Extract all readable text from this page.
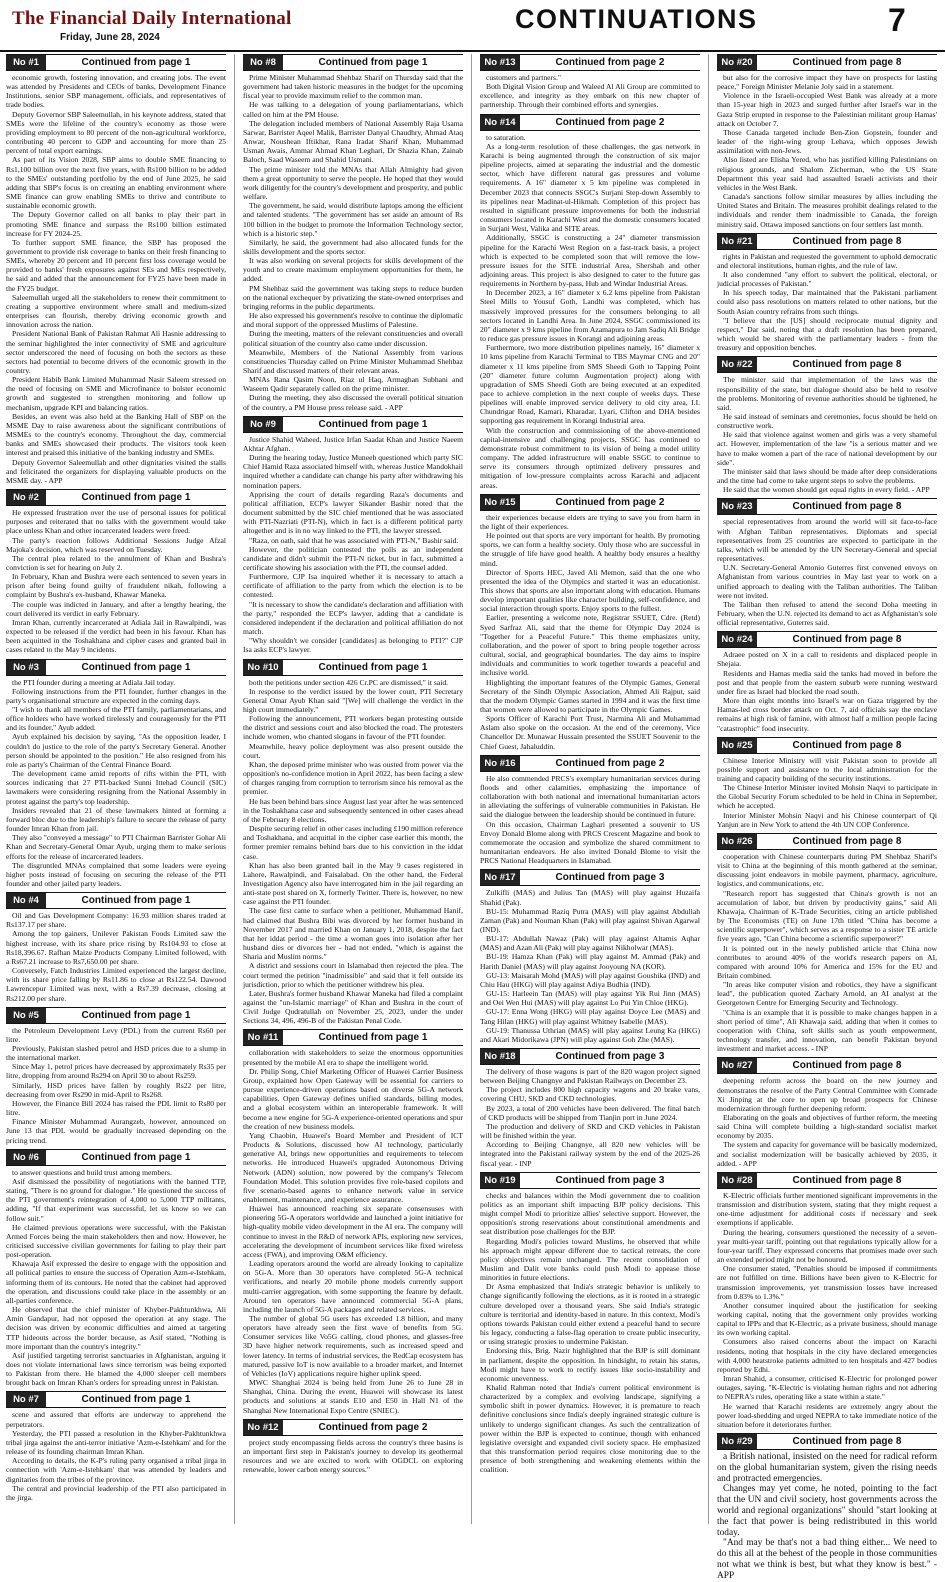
The Financial Daily International
Friday, June 28, 2024
CONTINUATIONS	7
No #1	Continued from page 1

economic growth, fostering innovation, and creating jobs. The event was attended by Presidents and CEOs of banks, Development Finance Institutions, senior SBP management, officials, and representatives of trade bodies.

Deputy Governor SBP Saleemullah, in his keynote address, stated that SMEs were the lifeline of the country's economy as those were providing employment to 80 percent of the non-agricultural workforce, contributing 40 percent to GDP and accounting for more than 25 percent of total export earnings.

As part of its Vision 2028, SBP aims to double SME financing to Rs1,100 billion over the next five years, with Rs100 billion to be added to the SMEs' outstanding portfolio by the end of June 2025, he said adding that SBP's focus is on creating an enabling environment where SME finance can grow enabling SMEs to thrive and contribute to sustainable economic growth.

The Deputy Governor called on all banks to play their part in promoting SME finance and surpass the Rs100 billion estimated increase for FY 2024-25.

To further support SME finance, the SBP has proposed the government to provide risk coverage to banks on their fresh financing to SMEs, whereby 20 percent and 10 percent first loss coverage would be provided to banks' fresh exposures against SEs and MEs respectively, he said and added that the announcement for FY25 have been made in the FY25 budget.

Saleemullah urged all the stakeholders to renew their commitment to creating a supportive environment where small and medium-sized enterprises can flourish, thereby driving economic growth and innovation across the nation.

President National Bank of Pakistan Rahmat Ali Hasnie addressing to the seminar highlighted the inter connectivity of SME and agriculture sector underscored the need of focusing on both the sectors as these sectors had potential to become drivers of the economic growth in the country.

President Habib Bank Limited Muhammad Nasir Saleem stressed on the need of focusing on SME and Microfinance to bolster economic growth and suggested to strengthen monitoring and follow up mechanism, upgrade KPI and balancing ratios.

Besides, an event was also held at the Banking Hall of SBP on the MSME Day to raise awareness about the significant contributions of MSMEs to the country's economy. Throughout the day, commercial banks and SMEs showcased their products. The visitors took keen interest and praised this initiative of the banking industry and SMEs.

Deputy Governor Saleemullah and other dignitaries visited the stalls and felicitated the organizers for displaying valuable products on the MSME day. - APP

No #2	Continued from page 1

He expressed frustration over the use of personal issues for political purposes and reiterated that no talks with the government would take place unless Khan and other incarcerated leaders were freed.

The party's reaction follows Additional Sessions Judge Afzal Majoka's decision, which was reserved on Tuesday.

The central plea related to the annulment of Khan and Bushra's conviction is set for hearing on July 2.

In February, Khan and Bushra were each sentenced to seven years in prison after being found guilty of fraudulent nikah, following a complaint by Bushra's ex-husband, Khawar Maneka.

The couple was indicted in January, and after a lengthy hearing, the court delivered its verdict in early February.

Imran Khan, currently incarcerated at Adiala Jail in Rawalpindi, was expected to be released if the verdict had been in his favour. Khan has been acquitted in the Toshakhana and cipher cases and granted bail in cases related to the May 9 incidents.

No #3	Continued from page 1

the PTI founder during a meeting at Adiala Jail today.

Following instructions from the PTI founder, further changes in the party's organisational structure are expected in the coming days.

"I wish to thank all members of the PTI family, parliamentarians, and office holders who have worked tirelessly and courageously for the PTI and its founder," Ayub added.

Ayub explained his decision by saying, "As the opposition leader, I couldn't do justice to the role of the party's Secretary General. Another person should be appointed to the position." He also resigned from his role as party's Chairman of the Central Finance Board.

The development came amid reports of rifts within the PTI, with sources indicating that 27 PTI-backed Sunni Ittehad Council (SIC) lawmakers were considering resigning from the National Assembly in protest against the party's top leadership.

Insiders revealed that 21 of these lawmakers hinted at forming a forward bloc due to the leadership's failure to secure the release of party founder Imran Khan from jail.

They also "conveyed a message" to PTI Chairman Barrister Gohar Ali Khan and Secretary-General Omar Ayub, urging them to make serious efforts for the release of incarcerated leaders.

The disgruntled MNAs complained that some leaders were eyeing higher posts instead of focusing on securing the release of the PTI founder and other jailed party leaders.

No #4	Continued from page 1

Oil and Gas Development Company: 16.93 million shares traded at Rs137.17 per share.

Among the top gainers, Unilever Pakistan Foods Limited saw the highest increase, with its share price rising by Rs104.93 to close at Rs18,396.67. Rafhan Maize Products Company Limited followed, with a Rs67.21 increase to Rs7,650.00 per share.

Conversely, Fatch Industries Limited experienced the largest decline, with its share price falling by Rs11.86 to close at Rs122.54. Dawood Lawrencepur Limited was next, with a Rs7.39 decrease, closing at Rs212.00 per share.

No #5	Continued from page 1

the Petroleum Development Levy (PDL) from the current Rs60 per litre.

Previously, Pakistan slashed petrol and HSD prices due to a slump in the international market.

Since May 1, petrol prices have decreased by approximately Rs35 per litre, dropping from around Rs294 on April 30 to about Rs259.

Similarly, HSD prices have fallen by roughly Rs22 per litre, decreasing from over Rs290 in mid-April to Rs268.

However, the Finance Bill 2024 has raised the PDL limit to Rs80 per litre.

Finance Minister Muhammad Aurangzeb, however, announced on June 13 that PDL would be gradually increased depending on the pricing trend.

No #6	Continued from page 1

to answer questions and build trust among members.

Asif dismissed the possibility of negotiations with the banned TTP, stating, "There is no ground for dialogue." He questioned the success of the PTI government's reintegration of 4,000 to 5,000 TTP militants, adding, "If that experiment was successful, let us know so we can follow suit."

He claimed previous operations were successful, with the Pakistan Armed Forces being the main stakeholders then and now. However, he criticised successive civilian governments for failing to play their part post-operation.

Khawaja Asif expressed the desire to engage with the opposition and all political parties to ensure the success of Operation Azm-e-Istehkam, informing them of its contours. He noted that the cabinet had approved the operation, and discussions could take place in the assembly or an all-parties conference.

He observed that the chief minister of Khyber-Pakhtunkhwa, Ali Amin Gandapur, had not opposed the operation at any stage. The decision was driven by economic difficulties and aimed at targeting TTP hideouts across the border because, as Asif stated, "Nothing is more important than the country's integrity."

Asif justified targeting terrorist sanctuaries in Afghanistan, arguing it does not violate international laws since terrorism was being exported to Pakistan from there. He blamed the 4,000 sleeper cell members brought back on Imran Khan's orders for spreading unrest in Pakistan.

No #7	Continued from page 1

scene and assured that efforts are underway to apprehend the perpetrators.

Yesterday, the PTI passed a resolution in the Khyber-Pakhtunkhwa tribal jirga against the anti-terror initiative 'Azm-e-Istehkam' and for the release of its founding chairman Imran Khan.

According to details, the K-P's ruling party organised a tribal jirga in connection with 'Azm-e-Istehkam' that was attended by leaders and dignitaries from the tribes of the province.

The central and provincial leadership of the PTI also participated in the jirga.

No #8	Continued from page 1

Prime Minister Muhammad Shehbaz Sharif on Thursday said that the government had taken historic measures in the budget for the upcoming fiscal year to provide maximum relief to the common man.

He was talking to a delegation of young parliamentarians, which called on him at the PM House.

The delegation included members of National Assembly Raja Usama Sarwar, Barrister Aqeel Malik, Barrister Danyal Chaudhry, Ahmad Ataq Anwar, Noushean Iftikhar, Rana Iradat Sharif Khan, Muhammad Usman Awais, Ammar Ahmad Khan Leghari, Dr Shazia Khan, Zainab Baloch, Saad Waseem and Shahid Usmani.

The prime minister told the MNAs that Allah Almighty had given them a great opportunity to serve the people. He hoped that they would work diligently for the country's development and prosperity, and public welfare.

The government, he said, would distribute laptops among the efficient and talented students. "The government has set aside an amount of Rs 100 billion in the budget to promote the Information Technology sector, which is a historic step."

Similarly, he said, the government had also allocated funds for the skills development and the sports sector.

It was also working on several projects for skills development of the youth and to create maximum employment opportunities for them, he added.

PM Shehbaz said the government was taking steps to reduce burden on the national exchequer by privatizing the state-owned enterprises and bringing reforms in the public departments.

He also expressed his government's resolve to continue the diplomatic and moral support of the oppressed Muslims of Palestine.

During the meeting, matters of the relevant constituencies and overall political situation of the country also came under discussion.

Meanwhile, Members of the National Assembly from various constituencies Thursday called on Prime Minister Muhammad Shehbaz Sharif and discussed matters of their relevant areas.

MNAs Rana Qasim Noon, Riaz ul Haq, Armaghan Subhani and Waseem Qadir separately called on the prime minister.

During the meeting, they also discussed the overall political situation of the country, a PM House press release said. - APP

No #9	Continued from page 1

Justice Shahid Waheed, Justice Irfan Saadat Khan and Justice Naeem Akhtar Afghan.

During the hearing today, Justice Muneeb questioned which party SIC Chief Hamid Raza associated himself with, whereas Justice Mandokhail inquired whether a candidate can change his party after withdrawing his nomination papers.

Apprising the court of details regarding Raza's documents and political affiliation, ECP's lawyer Sikander Bashir noted that the document submitted by the SIC chief mentioned that he was associated with PTI-Nazriati (PTI-N), which in fact is a different political party altogether and is in no way linked to the PTI, the lawyer stressed.

"Raza, on oath, said that he was associated with PTI-N," Bashir said.

However, the politician contested the polls as an independent candidate and didn't submit the PTI-N ticket, but in fact, submitted a certificate showing his association with the PTI, the counsel added.

Furthermore, CJP Isa inquired whether it is necessary to attach a certificate of affiliation to the party from which the election is to be contested.

"It is necessary to show the candidate's declaration and affiliation with the party," responded the ECP's lawyer, adding that a candidate is considered independent if the declaration and political affiliation do not match.

"Why shouldn't we consider [candidates] as belonging to PTI?" CJP Isa asks ECP's lawyer.

No #10	Continued from page 1

both the petitions under section 426 Cr.PC are dismissed," it said.

In response to the verdict issued by the lower court, PTI Secretary General Omar Ayub Khan said "[We] will challenge the verdict in the high court immediately."

Following the announcement, PTI workers began protesting outside the district and sessions court and also blocked the road. The protesters include women, who chanted slogans in favour of the PTI founder.

Meanwhile, heavy police deployment was also present outside the court.

Khan, the deposed prime minister who was ousted from power via the opposition's no-confidence motion in April 2022, has been facing a slew of charges ranging from corruption to terrorism since his removal as the premier.

He has been behind bars since August last year after he was sentenced in the Toshakhana case and subsequently sentenced in other cases ahead of the February 8 elections.

Despite securing relief in other cases including £190 million reference and Toshakhana, and acquittal in the cipher case earlier this month, the former premier remains behind bars due to his conviction in the iddat case.

Khan has also been granted bail in the May 9 cases registered in Lahore, Rawalpindi, and Faisalabad. On the other hand, the Federal Investigation Agency also have interrogated him in the jail regarding an anti-state post shared on X, formerly Twitter. There is, however, no new case against the PTI founder.

The case first came to surface when a petitioner, Muhammad Hanif, had claimed that Bushra Bibi was divorced by her former husband in November 2017 and married Khan on January 1, 2018, despite the fact that her iddat period - the time a woman goes into isolation after her husband dies or divorces her - had not ended, "which is against the Sharia and Muslim norms."

A district and sessions court in Islamabad then rejected the plea. The court termed the petition "inadmissible" and said that it fell outside its jurisdiction, prior to which the petitioner withdrew his plea.

Later, Bushra's former husband Khawar Maneka had filed a complaint against the "un-Islamic marriage" of Khan and Bushra in the court of Civil Judge Qudratullah on November 25, 2023, under the under Sections 34, 496, 496-B of the Pakistan Penal Code.

No #11	Continued from page 1

collaboration with stakeholders to seize the enormous opportunities presented by the mobile AI era to shape the intelligent world.

Dr. Philip Song, Chief Marketing Officer of Huawei Carrier Business Group, explained how Open Gateway will be essential for carriers to pursue experience-driven operations based on diverse 5G-A network capabilities. Open Gateway defines unified standards, billing modes, and a global ecosystem within an interoperable framework. It will become a new engine for 5G-A experience-oriented operations and spur the creation of new business models.

Yang Chaobin, Huawei's Board Member and President of ICT Products & Solutions, discussed how AI technology, particularly generative AI, brings new opportunities and requirements to telecom networks. He introduced Huawei's upgraded Autonomous Driving Network (ADN) solution, now powered by the company's Telecom Foundation Model. This solution provides five role-based copilots and five scenario-based agents to enhance network value in service enablement, maintenance, and experience assurance.

Huawei has announced reaching six separate consensuses with pioneering 5G-A operators worldwide and launched a joint initiative for high-quality mobile video development in the AI era. The company will continue to invest in the R&D of network APIs, exploring new services, accelerating the development of incumbent services like fixed wireless access (FWA), and improving O&M efficiency.

Leading operators around the world are already looking to capitalize on 5G-A. More than 30 operators have completed 5G-A technical verifications, and nearly 20 mobile phone models currently support multi-carrier aggregation, with some supporting the feature by default. Around ten operators have announced commercial 5G-A plans, including the launch of 5G-A packages and related services.

The number of global 5G users has exceeded 1.8 billion, and many operators have already seen the first wave of benefits from 5G. Consumer services like Vo5G calling, cloud phones, and glasses-free 3D have higher network requirements, such as increased speed and lower latency. In terms of industrial services, the RedCap ecosystem has matured, passive IoT is now available to a broader market, and Internet of Vehicles (IoV) applications require higher uplink speed.

MWC Shanghai 2024 is being held from June 26 to June 28 in Shanghai, China. During the event, Huawei will showcase its latest products and solutions at stands E10 and E50 in Hall N1 of the Shanghai New International Expo Centre (SNIEC).

No #12	Continued from page 2

project study encompassing fields across the country's three basins is an important first step in Pakistan's journey to develop its geothermal resources and we are excited to work with OGDCL on exploring renewable, lower carbon energy sources."

No #13	Continued from page 2

customers and partners."

Both Digital Vision Group and Waleed Al Ali Group are committed to excellence, and integrity as they embark on this new chapter of partnership. Through their combined efforts and synergies.

No #14	Continued from page 2

to saturation.

As a long-term resolution of these challenges, the gas network in Karachi is being augmented through the construction of six major pipeline projects, aimed at separating the industrial and the domestic sector, which have different natural gas pressures and volume requirements. A 16" diameter x 5 km pipeline was completed in December 2023 that connects SSGC's Surjani Step-down Assembly to its pipelines near Madinat-ul-Hikmah. Completion of this project has resulted in significant pressure improvements for both the industrial consumers located in Karachi West and the domestic consumers located in Surjani West, Valika and SITE areas.

Additionally, SSGC is constructing a 24" diameter transmission pipeline for the Karachi West Region on a fast-track basis, a project which is expected to be completed soon that will remove the low-pressure issues for the SITE industrial Area, Shershah and other adjoining areas. This project is also designed to cater to the future gas requirements in Northern by-pass, Hub and Windar Industrial Areas.

In December 2023, a 16" diameter x 6.2 kms pipeline from Pakistan Steel Mills to Yousuf Goth, Landhi was completed, which has massively improved pressures for the consumers belonging to all sectors located in Landhi Area. In June 2024, SSGC commissioned its 20" diameter x 9 kms pipeline from Azamapura to Jam Sadiq Ali Bridge to reduce gas pressure issues in Korangi and adjoining areas.

Furthermore, two more distribution pipelines namely, 16" diameter x 10 kms pipeline from Karachi Terminal to TBS Maymar CNG and 20" diameter x 11 kms pipeline from SMS Sheedi Goth to Tapping Point (20" diameter future column Augmentation project) along with upgradation of SMS Sheedi Goth are being executed at an expedited pace to achieve completion in the next couple of weeks days. These pipelines will enable improved service delivery to old city area, I.I. Chundrigar Road, Kamari, Kharadar, Lyari, Clifton and DHA besides supporting gas requirement in Korangi Industrial area.

With the construction and commissioning of the above-mentioned capital-intensive and challenging projects, SSGC has continued to demonstrate robust commitment to its vision of being a model utility company. The added infrastructure will enable SSGC to continue to serve its consumers through optimized delivery pressures and mitigation of low-pressure complaints across Karachi and adjacent areas.

No #15	Continued from page 2

their experiences because elders are trying to save you from harm in the light of their experiences.

He pointed out that sports are very important for health. By promoting sports, we can form a healthy society. Only those who are successful in the struggle of life have good health. A healthy body ensures a healthy mind.

Director of Sports HEC, Javed Ali Memon, said that the one who presented the idea of the Olympics and started it was an educationist. This shows that sports are also important along with education. Humans develop important qualities like character building, self-confidence, and social interaction through sports. Enjoy sports to the fullest.

Earlier, presenting a welcome note, Registrar SSUET, Cdre. (Retd) Syed Sarfraz Ali, said that the theme for Olympic Day 2024 is "Together for a Peaceful Future." This theme emphasizes unity, collaboration, and the power of sport to bring people together across cultural, social, and geographical boundaries. The day aims to inspire individuals and communities to work together towards a peaceful and inclusive world.

Highlighting the important features of the Olympic Games, General Secretary of the Sindh Olympic Association, Ahmed Ali Rajput, said that the modern Olympic Games started in 1994 and it was the first time that women were allowed to participate in the Olympic Games.

Sports Officer of Karachi Port Trust, Narmina Ali and Muhammad Aslam also spoke on the occasion. At the end of the ceremony, Vice Chancellor Dr. Munawar Hussain presented the SSUET Souvenir to the Chief Guest, Jahaluddin.

No #16	Continued from page 2

He also commended PRCS's exemplary humanitarian services during floods and other calamities, emphasizing the importance of collaboration with both national and international humanitarian actors in alleviating the sufferings of vulnerable communities in Pakistan. He said the dialogue between the leadership should be continued in future.

On this occasion, Chairman Laghari presented a souvenir to US Envoy Donald Blome along with PRCS Crescent Magazine and book to commemorate the occasion and symbolize the shared commitment to humanitarian endeavors. He also invited Donald Blome to visit the PRCS National Headquarters in Islamabad.

No #17	Continued from page 3

Zulkifli (MAS) and Julius Tan (MAS) will play against Huzaifa Shahid (Pak).

BU-15: Muhammad Raziq Putra (MAS) will play against Abdullah Zaman (Pak) and Nouman Khan (Pak) will play against Shivan Agarwal (IND).

BU-17: Abdullah Nawaz (Pak) will play against Altamis Aqhar (MAS) and Azan Ali (Pak) will play against Nikholwar (MAS).

BU-19: Hamza Khan (Pak) will play against M. Ammad (Pak) and Harith Daniel (MAS) will play against Jooyoung NA (KOR).

GU-13: Maisarah Mohd (MAS) will play against Goushika (IND) and Chiu Hau (HKG) will play against Adiya Budhia (IND).

GU-15: Harleein Tan (MAS) will play against Yik Rui Jinn (MAS) and Oei Wen Hui (MAS) will play against Lo Pui Yin Chloe (HKG).

GU-17: Enna Wong (HKG) will play against Doyce Lee (MAS) and Tang Hilan (HKG) will play against Whitney Isabelle (MAS).

GU-19: Thanussa Uthrian (MAS) will play against Leung Ka (HKG) and Akari Midorikawa (JPN) will play against Goh Zhe (MAS).

No #18	Continued from page 3

The delivery of those wagons is part of the 820 wagon project signed between Beijing Changnye and Pakistan Railways on December 23.

The project includes 800 high capacity wagons and 20 brake vans, covering CHU, SKD and CKD technologies.

By 2023, a total of 200 vehicles have been delivered. The final batch of CKD products will be shipped from Tianjin port in June 2024.

The production and delivery of SKD and CKD vehicles in Pakistan will be finished within the year.

According to Beijing Changnye, all 820 new vehicles will be integrated into the Pakistani railway system by the end of the 2025-26 fiscal year. - INP

No #19	Continued from page 3

checks and balances within the Modi government due to coalition politics as an important shift impacting BJP policy decisions. This might compel Modi to prioritize allies' selective support. However, the opposition's strong reservations about constitutional amendments and seat distribution pose challenges for the BJP.

Regarding Modi's policies toward Muslims, he observed that while his approach might appear different due to tactical retreats, the core policy objectives remain unchanged. The recent consolidation of Muslim and Dalit vote banks could push Modi to appease those minorities in future elections.

Dr Asma emphasized that India's strategic behavior is unlikely to change significantly following the elections, as it is rooted in a strategic culture developed over a thousand years. She said India's strategic culture is territorial and identity-based in nature. In this context, Modi's options towards Pakistan could either extend a peaceful hand to secure his legacy, conducting a false-flag operation to create public insecurity, or using strategic proxies to undermine Pakistan.

Endorsing this, Brig. Nazir highlighted that the BJP is still dominant in parliament, despite the opposition. In hindsight, to retain his status, Modi might have to work to rectify issues like socio-instability and economic unevenness.

Khalid Rahman noted that India's current political environment is characterized by a complex and evolving landscape, signifying a symbolic shift in power dynamics. However, it is premature to reach definitive conclusions since India's deeply ingrained strategic culture is unlikely to undergo significant changes. As such the centralization of power within the BJP is expected to continue, though with enhanced legislative oversight and expanded civil society space. He emphasized that this transformation period requires close monitoring due to the presence of both strengthening and weakening elements within the coalition.

No #20	Continued from page 8

but also for the corrosive impact they have on prospects for lasting peace," Foreign Minister Melanie Joly said in a statement.

Violence in the Israeli-occupied West Bank was already at a more than 15-year high in 2023 and surged further after Israel's war in the Gaza Strip erupted in response to the Palestinian militant group Hamas' attack on October 7.

Those Canada targeted include Ben-Zion Gopstein, founder and leader of the right-wing group Lehava, which opposes Jewish assimilation with non-Jews.

Also listed are Elisha Yered, who has justified killing Palestinians on religious grounds, and Shalom Zicherman, who the US State Department this year said had assaulted Israeli activists and their vehicles in the West Bank.

Canada's sanctions follow similar measures by allies including the United States and Britain. The measures prohibit dealings related to the individuals and render them inadmissible to Canada, the foreign ministry said. Ottawa imposed sanctions on four settlers last month.

No #21	Continued from page 8

rights in Pakistan and requested the government to uphold democratic and electoral institutions, human rights, and the rule of law.

It also condemned "any effort to subvert the political, electoral, or judicial processes of Pakistan."

In his speech today, Dar maintained that the Pakistani parliament could also pass resolutions on matters related to other nations, but the South Asian country refrains from such things.

"I believe that the [US] should reciprocate mutual dignity and respect," Dar said, noting that a draft resolution has been prepared, which would be shared with the parliamentary leaders - from the treasury and opposition benches.

No #22	Continued from page 8

The minister said that implementation of the laws was the responsibility of the state, but dialogue should also be held to resolve the problems. Monitoring of revenue authorities should be tightened, he said.

He said instead of seminars and ceremonies, focus should be held on constructive work.

He said that violence against women and girls was a very shameful act. However, implementation of the law "is a serious matter and we have to make women a part of the race of national development by our side".

The minister said that laws should be made after deep considerations and the time had come to take urgent steps to solve the problems.

He said that the women should get equal rights in every field. - APP

No #23	Continued from page 8

special representatives from around the world will sit face-to-face with Afghan Taliban representatives. Diplomats and special representatives from 25 countries are expected to participate in the talks, which will be attended by the UN Secretary-General and special representatives.

U.N. Secretary-General Antonio Guterres first convened envoys on Afghanistan from various countries in May last year to work on a unified approach to dealing with the Taliban authorities. The Taliban were not invited.

The Taliban then refused to attend the second Doha meeting in February, when the U.N. rejected its demand to act as Afghanistan's sole official representative, Guterres said.

No #24	Continued from page 8

Adraee posted on X in a call to residents and displaced people in Shejaia.

Residents and Hamas media said the tanks had moved in before the post and that people from the eastern suburb were running westward under fire as Israel had blocked the road south.

More than eight months into Israel's war on Gaza triggered by the Hamas-led cross border attack on Oct. 7, aid officials say the enclave remains at high risk of famine, with almost half a million people facing "catastrophic" food insecurity.

No #25	Continued from page 8

Chinese Interior Ministry will visit Pakistan soon to provide all possible support and assistance to the local administration for the training and capacity building of the security institutions.

The Chinese Interior Minister invited Mohsin Naqvi to participate in the Global Security Forum scheduled to be held in China in September, which he accepted.

Interior Minister Mohsin Naqvi and his Chinese counterpart of Qi Yanjun are in New York to attend the 4th UN COP Conference.

No #26	Continued from page 8

cooperation with Chinese counterparts during PM Shehbaz Sharif's visit to China at the beginning of this month gathered at the seminar, discussing joint endeavors in mobile payment, pharmacy, agriculture, logistics, and communications, etc.

"Research report has suggested that China's growth is not an accumulation of labor, but driven by productivity gains," said Ali Khawaja, Chairman of K-Trade Securities, citing an article published by The Economists (TE) on June 17th titled "China has become a scientific superpower", which serves as a response to a sister TE article five years ago, "Can China become a scientific superpower?"

It is pointed out in the newly published article that China now contributes to around 40% of the world's research papers on AI, compared with around 10% for America and 15% for the EU and Britain combined.

"In areas like computer vision and robotics, they have a significant lead", the publication quoted Zachary Arnold, an AI analyst at the Georgetown Centre for Emerging Security and Technology.

"China is an example that it is possible to make changes happen in a short period of time", Ali Khawaja said, adding that when it comes to cooperation with China, soft skills such as youth empowerment, technology transfer, and innovation, can benefit Pakistan beyond investment and market access. - INP

No #27	Continued from page 8

deepening reform across the board on the new journey and demonstrates the resolve of the Party Central Committee with Comrade Xi Jinping at the core to open up broad prospects for Chinese modernization through further deepening reform.

Elaborating on the goals and objectives of further reform, the meeting said China will complete building a high-standard socialist market economy by 2035.

The system and capacity for governance will be basically modernized, and socialist modernization will be basically achieved by 2035, it added. - APP

No #28	Continued from page 8

K-Electric officials further mentioned significant improvements in the transmission and distribution system, stating that they might request a one-time adjustment for additional costs if necessary and seek exemptions if applicable.

During the hearing, consumers questioned the necessity of a seven-year multi-year tariff, pointing out that regulations typically allow for a four-year tariff. They expressed concerns that promises made over such an extended period might not be honoured.

One consumer stated, "Penalties should be imposed if commitments are not fulfilled on time. Billions have been given to K-Electric for transmission improvements, yet transmission losses have increased from 0.83% to 1.3%."

Another consumer inquired about the justification for seeking working capital, noting that the government only provides working capital to IPPs and that K-Electric, as a private business, should manage its own working capital.

Consumers also raised concerns about the impact on Karachi residents, noting that hospitals in the city have declared emergencies with 4,000 heatstroke patients admitted to ten hospitals and 427 bodies reported by Edhi.

Imran Shahid, a consumer, criticised K-Electric for prolonged power outages, saying, "K-Electric is violating human rights and not adhering to NEPRA's rules, operating like a state within a state."

He warned that Karachi residents are extremely angry about the power load-shedding and urged NEPRA to take immediate notice of the situation before it deteriorates further.

No #29	Continued from page 8

a British national, insisted on the need for radical reform on the global humanitarian system, given the rising needs and protracted emergencies.

Changes may yet come, he noted, pointing to the fact that the UN and civil society, host governments across the world and regional organizations" should "start looking at the fact that power is being redistributed in this world today.

"And may be that's not a bad thing either... We need to do this all at the behest of the people in those communities not what we think is best, but what they know is best." - APP
